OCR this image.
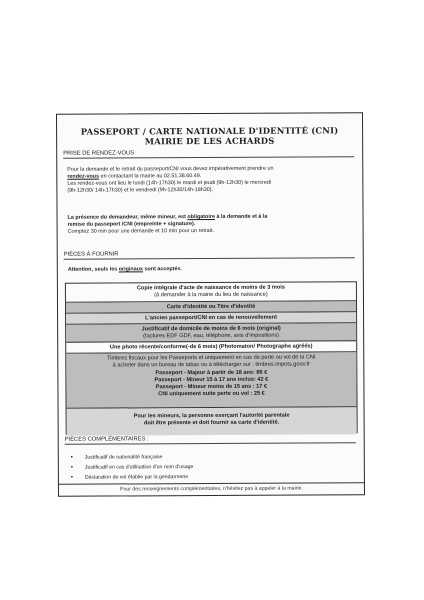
PASSEPORT / CARTE NATIONALE D'IDENTITÉ (CNI)
MAIRIE DE LES ACHARDS
PRISE DE RENDEZ-VOUS
Pour la demande et le retrait du passeport/CNI vous devez impérativement prendre un
rendez-vous en contactant la mairie au 02.51.38.60.49.
Les rendez-vous ont lieu le lundi (14h-17h30) le mardi et jeudi (9h-12h30) le mercredi
(9h-12h30/ 14h-17h30) et le vendredi (9h-12h30/14h-18h30).
La présence du demandeur, même mineur, est obligatoire à la demande et à la
remise du passeport /CNI (empreinte + signature).
Comptez 30 min pour une demande et 10 min pour un retrait.
PIÈCES À FOURNIR
Attention, seuls les originaux sont acceptés.
Copie intégrale d'acte de naissance de moins de 3 mois
(à demander à la mairie du lieu de naissance)
Carte d'identité ou Titre d'identité
L'ancien passeport/CNI en cas de renouvellement
Justificatif de domicile de moins de 6 mois (original)
(factures EDF GDF, eau, téléphone, avis d'impositions)
Une photo récente/conforme(-de 6 mois) (Photomaton/ Photographe agréés)
Timbres fiscaux pour les Passeports et uniquement en cas de perte ou vol de la CNI
à acheter dans un bureau de tabac ou à télécharger sur : timbres.impots.gouv.fr
Passeport - Majeur à partir de 18 ans: 86 €
Passeport - Mineur 15 à 17 ans inclus: 42 €
Passeport - Mineur moins de 15 ans : 17 €
CNI uniquement suite perte ou vol : 25 €
Pour les mineurs, la personne exerçant l'autorité parentale
doit être présente et doit fournir sa carte d'identité.
PIÈCES COMPLÉMENTAIRES :
• Justificatif de nationalité française
• Justificatif en cas d'utilisation d'un nom d'usage
• Déclaration de vol établie par la gendarmerie
Pour des renseignements complémentaires, n'hésitez pas à appeler à la mairie.
